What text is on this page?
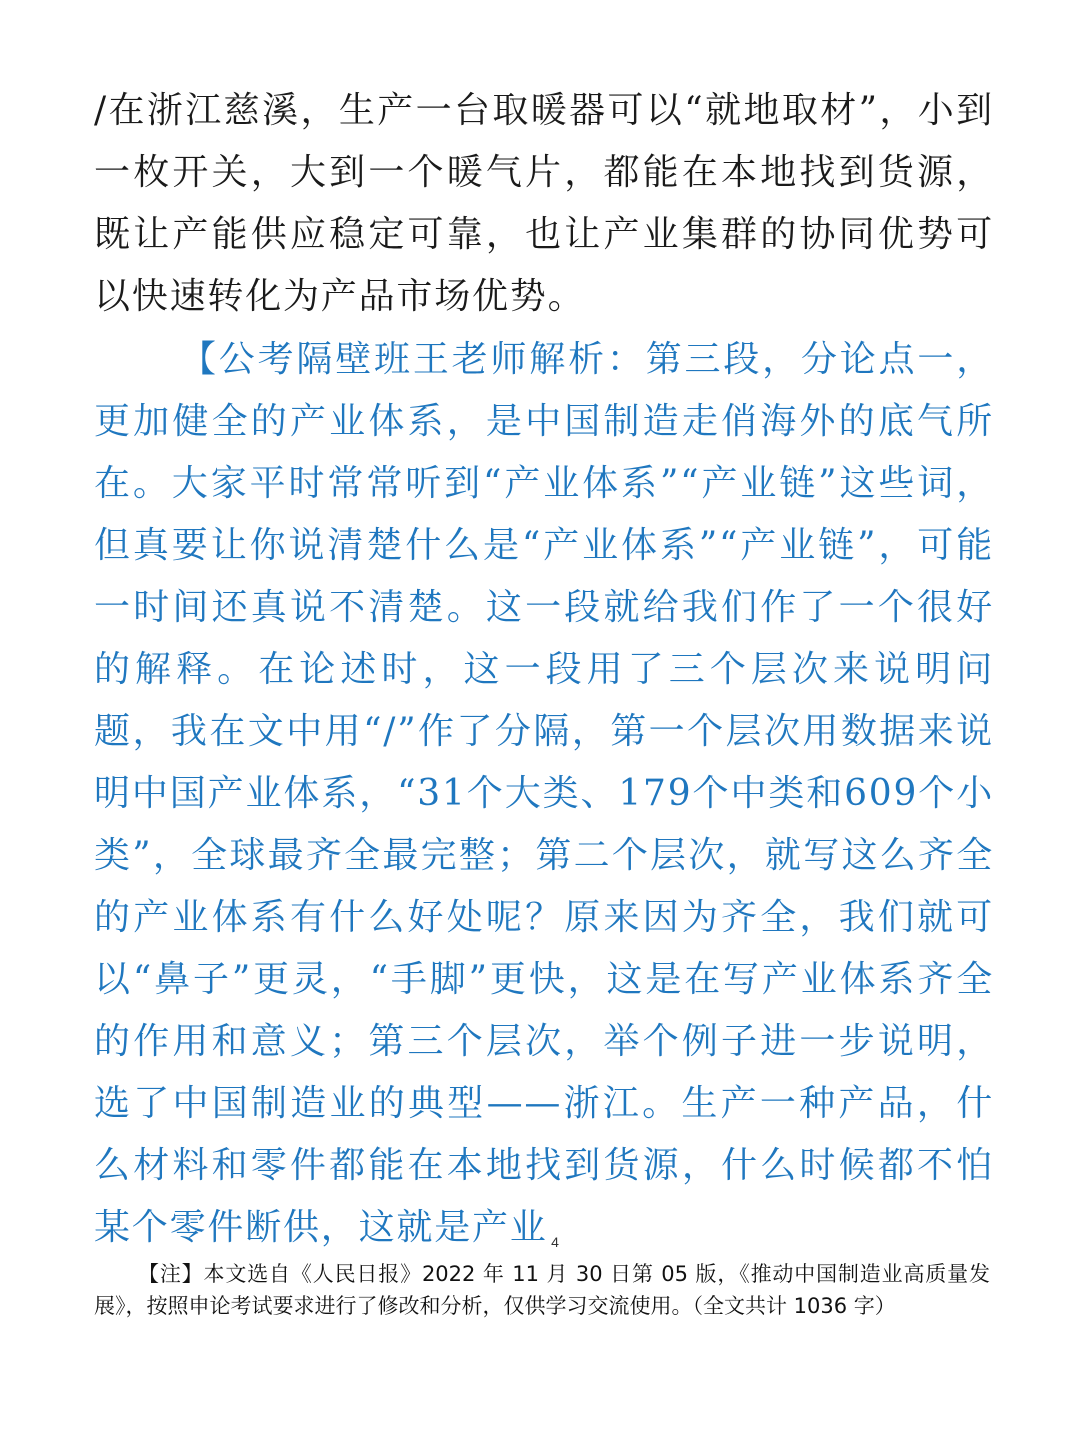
/在浙江慈溪，生产一台取暖器可以“就地取材”，小到一枚开关，大到一个暖气片，都能在本地找到货源，既让产能供应稳定可靠，也让产业集群的协同优势可以快速转化为产品市场优势。

【公考隔壁班王老师解析：第三段，分论点一，更加健全的产业体系，是中国制造走俏海外的底气所在。大家平时常常听到“产业体系”“产业链”这些词，但真要让你说清楚什么是“产业体系”“产业链”，可能一时间还真说不清楚。这一段就给我们作了一个很好的解释。在论述时，这一段用了三个层次来说明问题，我在文中用“/”作了分隔，第一个层次用数据来说明中国产业体系，“31个大类、179个中类和609个小类”，全球最齐全最完整；第二个层次，就写这么齐全的产业体系有什么好处呢？原来因为齐全，我们就可以“鼻子”更灵，“手脚”更快，这是在写产业体系齐全的作用和意义；第三个层次，举个例子进一步说明，选了中国制造业的典型——浙江。生产一种产品，什么材料和零件都能在本地找到货源，什么时候都不怕某个零件断供，这就是产业 4

【注】本文选自《人民日报》2022 年 11 月 30 日第 05 版，《推动中国制造业高质量发展》，按照申论考试要求进行了修改和分析，仅供学习交流使用。（全文共计 1036 字）
